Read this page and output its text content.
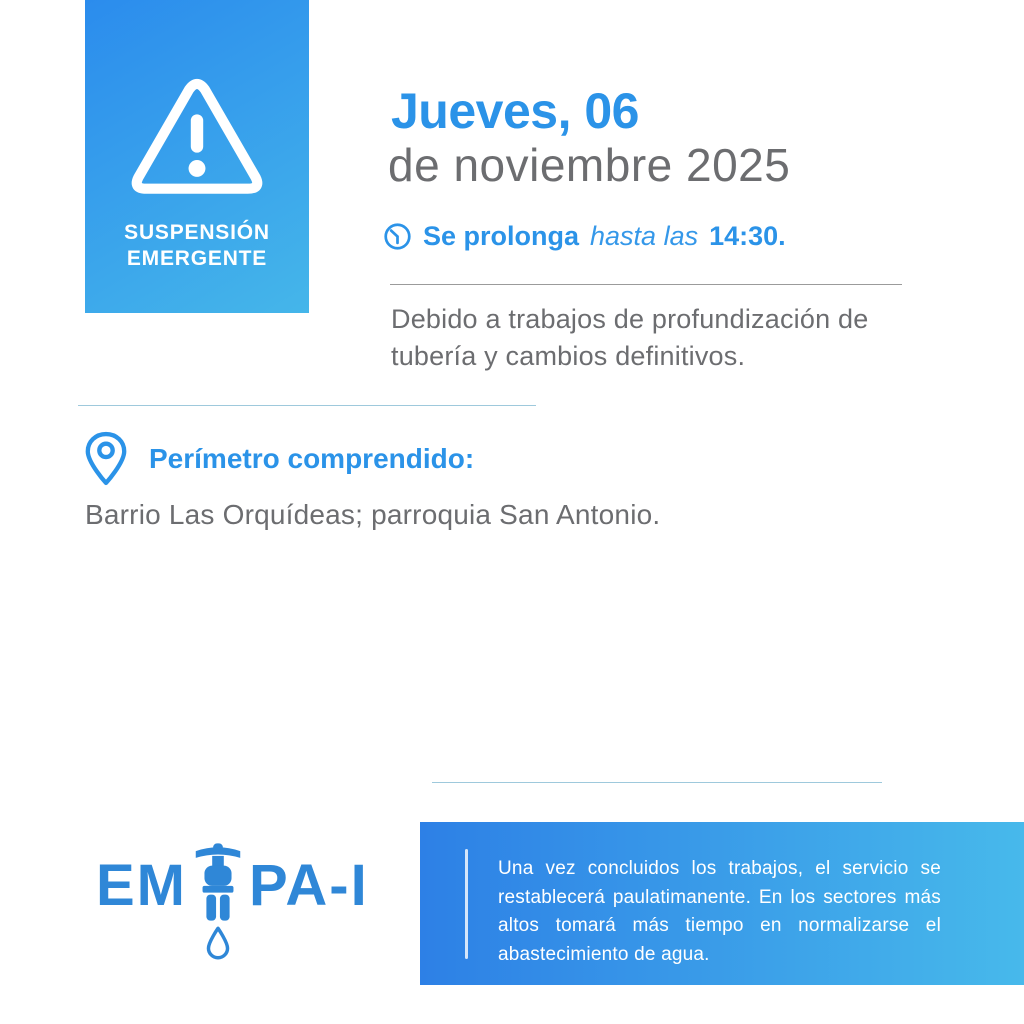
SUSPENSIÓN
EMERGENTE
Jueves, 06
de noviembre 2025
Se prolonga hasta las 14:30.
Debido a trabajos de profundización de tubería y cambios definitivos.
Perímetro comprendido:
Barrio Las Orquídeas; parroquia San Antonio.

Una vez concluidos los trabajos, el servicio se restablecerá paulatimanente. En los sectores más altos tomará más tiempo en normalizarse el abastecimiento de agua.

EM PA-I
